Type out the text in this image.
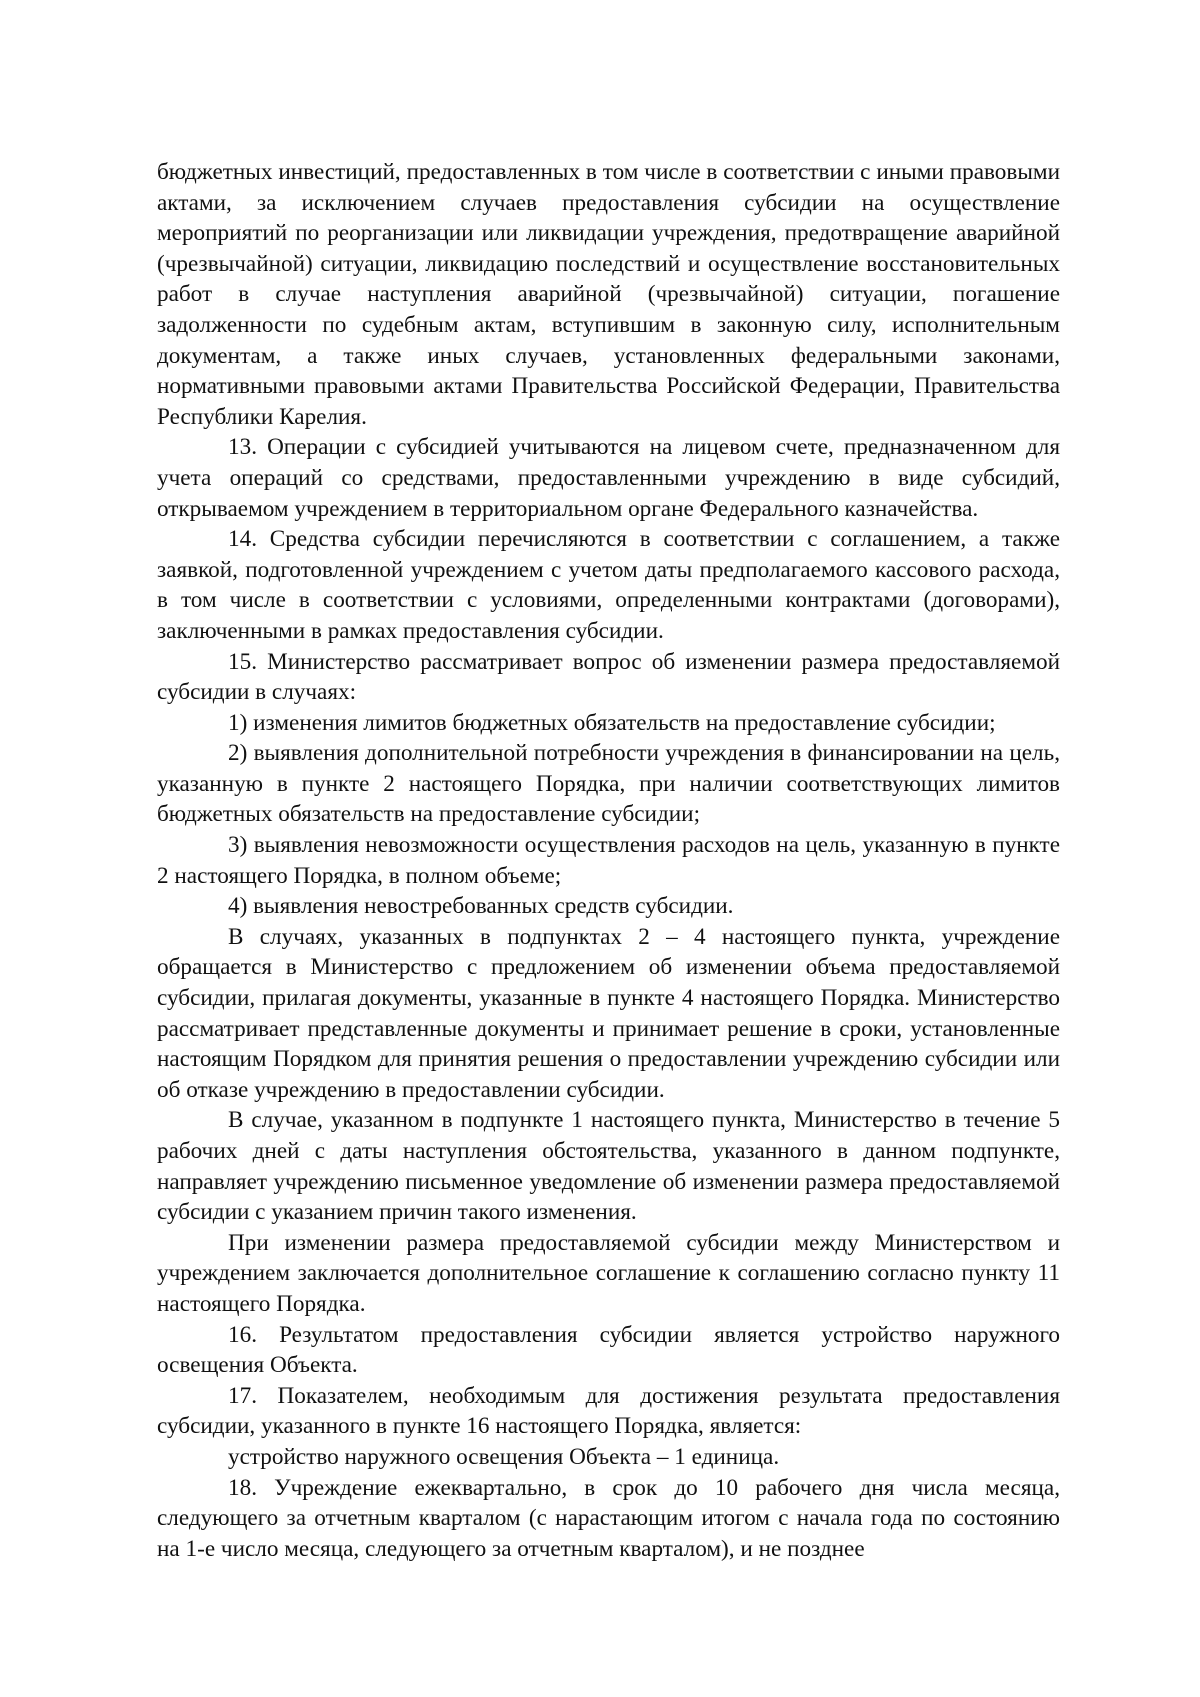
бюджетных инвестиций, предоставленных в том числе в соответствии с иными правовыми актами, за исключением случаев предоставления субсидии на осуществление мероприятий по реорганизации или ликвидации учреждения, предотвращение аварийной (чрезвычайной) ситуации, ликвидацию последствий и осуществление восстановительных работ в случае наступления аварийной (чрезвычайной) ситуации, погашение задолженности по судебным актам, вступившим в законную силу, исполнительным документам, а также иных случаев, установленных федеральными законами, нормативными правовыми актами Правительства Российской Федерации, Правительства Республики Карелия.

13. Операции с субсидией учитываются на лицевом счете, предназначенном для учета операций со средствами, предоставленными учреждению в виде субсидий, открываемом учреждением в территориальном органе Федерального казначейства.

14. Средства субсидии перечисляются в соответствии с соглашением, а также заявкой, подготовленной учреждением с учетом даты предполагаемого кассового расхода, в том числе в соответствии с условиями, определенными контрактами (договорами), заключенными в рамках предоставления субсидии.

15. Министерство рассматривает вопрос об изменении размера предоставляемой субсидии в случаях:

1) изменения лимитов бюджетных обязательств на предоставление субсидии;

2) выявления дополнительной потребности учреждения в финансировании на цель, указанную в пункте 2 настоящего Порядка, при наличии соответствующих лимитов бюджетных обязательств на предоставление субсидии;

3) выявления невозможности осуществления расходов на цель, указанную в пункте 2 настоящего Порядка, в полном объеме;

4) выявления невостребованных средств субсидии.

В случаях, указанных в подпунктах 2 – 4 настоящего пункта, учреждение обращается в Министерство с предложением об изменении объема предоставляемой субсидии, прилагая документы, указанные в пункте 4 настоящего Порядка. Министерство рассматривает представленные документы и принимает решение в сроки, установленные настоящим Порядком для принятия решения о предоставлении учреждению субсидии или об отказе учреждению в предоставлении субсидии.

В случае, указанном в подпункте 1 настоящего пункта, Министерство в течение 5 рабочих дней с даты наступления обстоятельства, указанного в данном подпункте, направляет учреждению письменное уведомление об изменении размера предоставляемой субсидии с указанием причин такого изменения.

При изменении размера предоставляемой субсидии между Министерством и учреждением заключается дополнительное соглашение к соглашению согласно пункту 11 настоящего Порядка.

16. Результатом предоставления субсидии является устройство наружного освещения Объекта.

17. Показателем, необходимым для достижения результата предоставления субсидии, указанного в пункте 16 настоящего Порядка, является:

устройство наружного освещения Объекта – 1 единица.

18. Учреждение ежеквартально, в срок до 10 рабочего дня числа месяца, следующего за отчетным кварталом (с нарастающим итогом с начала года по состоянию на 1-е число месяца, следующего за отчетным кварталом), и не позднее
